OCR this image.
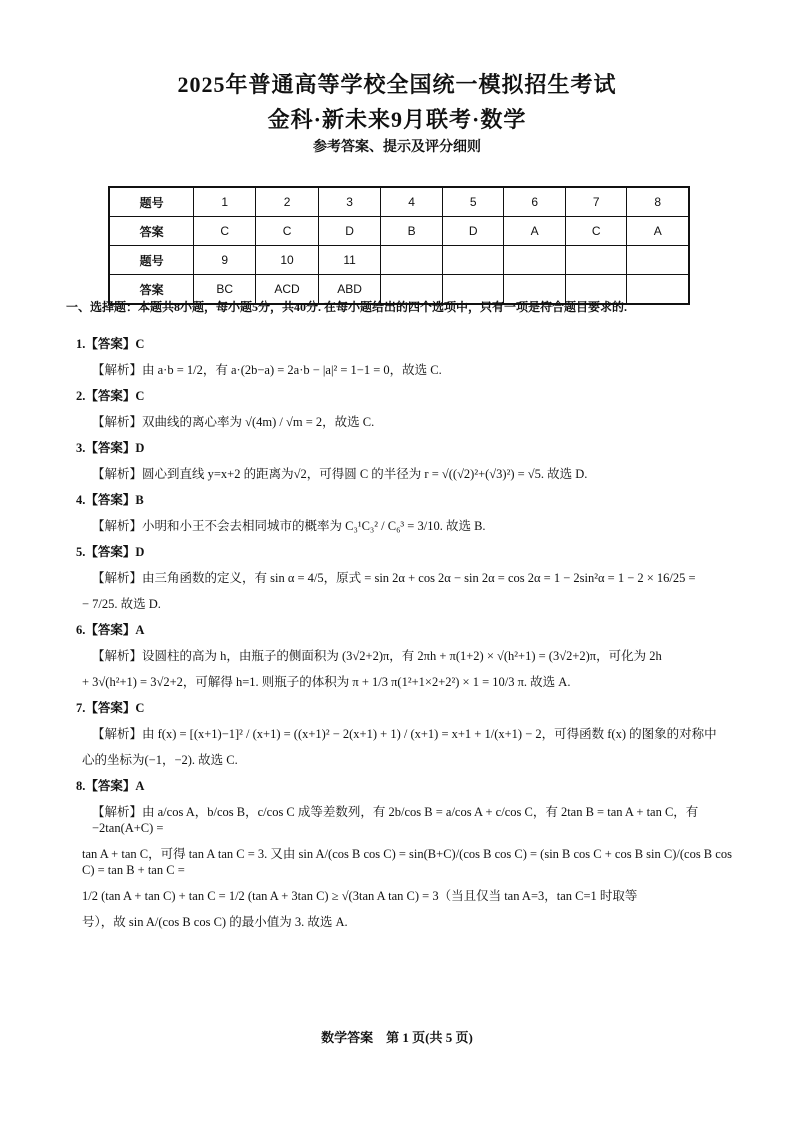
2025年普通高等学校全国统一模拟招生考试
金科·新未来9月联考·数学
参考答案、提示及评分细则
题号	1	2	3	4	5	6	7	8
答案	C	C	D	B	D	A	C	A
题号	9	10	11					
答案	BC	ACD	ABD					
一、选择题：本题共8小题，每小题5分，共40分. 在每小题给出的四个选项中，只有一项是符合题目要求的.
1.【答案】C
【解析】由 a·b = 1/2，有 a·(2b−a) = 2a·b − |a|² = 1−1 = 0，故选 C.
2.【答案】C
【解析】双曲线的离心率为 √(4m) / √m = 2，故选 C.
3.【答案】D
【解析】圆心到直线 y=x+2 的距离为√2，可得圆 C 的半径为 r = √((√2)²+(√3)²) = √5. 故选 D.
4.【答案】B
【解析】小明和小王不会去相同城市的概率为 C₃¹C₃² / C₆³ = 3/10. 故选 B.
5.【答案】D
【解析】由三角函数的定义，有 sin α = 4/5，原式 = sin 2α + cos 2α − sin 2α = cos 2α = 1 − 2sin²α = 1 − 2 × 16/25 =
− 7/25. 故选 D.
6.【答案】A
【解析】设圆柱的高为 h，由瓶子的侧面积为 (3√2+2)π，有 2πh + π(1+2) × √(h²+1) = (3√2+2)π，可化为 2h
+ 3√(h²+1) = 3√2+2，可解得 h=1. 则瓶子的体积为 π + 1/3 π(1²+1×2+2²) × 1 = 10/3 π. 故选 A.
7.【答案】C
【解析】由 f(x) = [(x+1)−1]² / (x+1) = ((x+1)² − 2(x+1) + 1) / (x+1) = x+1 + 1/(x+1) − 2，可得函数 f(x) 的图象的对称中
心的坐标为(−1，−2). 故选 C.
8.【答案】A
【解析】由 a/cos A，b/cos B，c/cos C 成等差数列，有 2b/cos B = a/cos A + c/cos C，有 2tan B = tan A + tan C，有 −2tan(A+C) =
tan A + tan C，可得 tan A tan C = 3. 又由 sin A/(cos B cos C) = sin(B+C)/(cos B cos C) = (sin B cos C + cos B sin C)/(cos B cos C) = tan B + tan C =
1/2 (tan A + tan C) + tan C = 1/2 (tan A + 3tan C) ≥ √(3tan A tan C) = 3（当且仅当 tan A=3，tan C=1 时取等
号），故 sin A/(cos B cos C) 的最小值为 3. 故选 A.
数学答案　第 1 页(共 5 页)
